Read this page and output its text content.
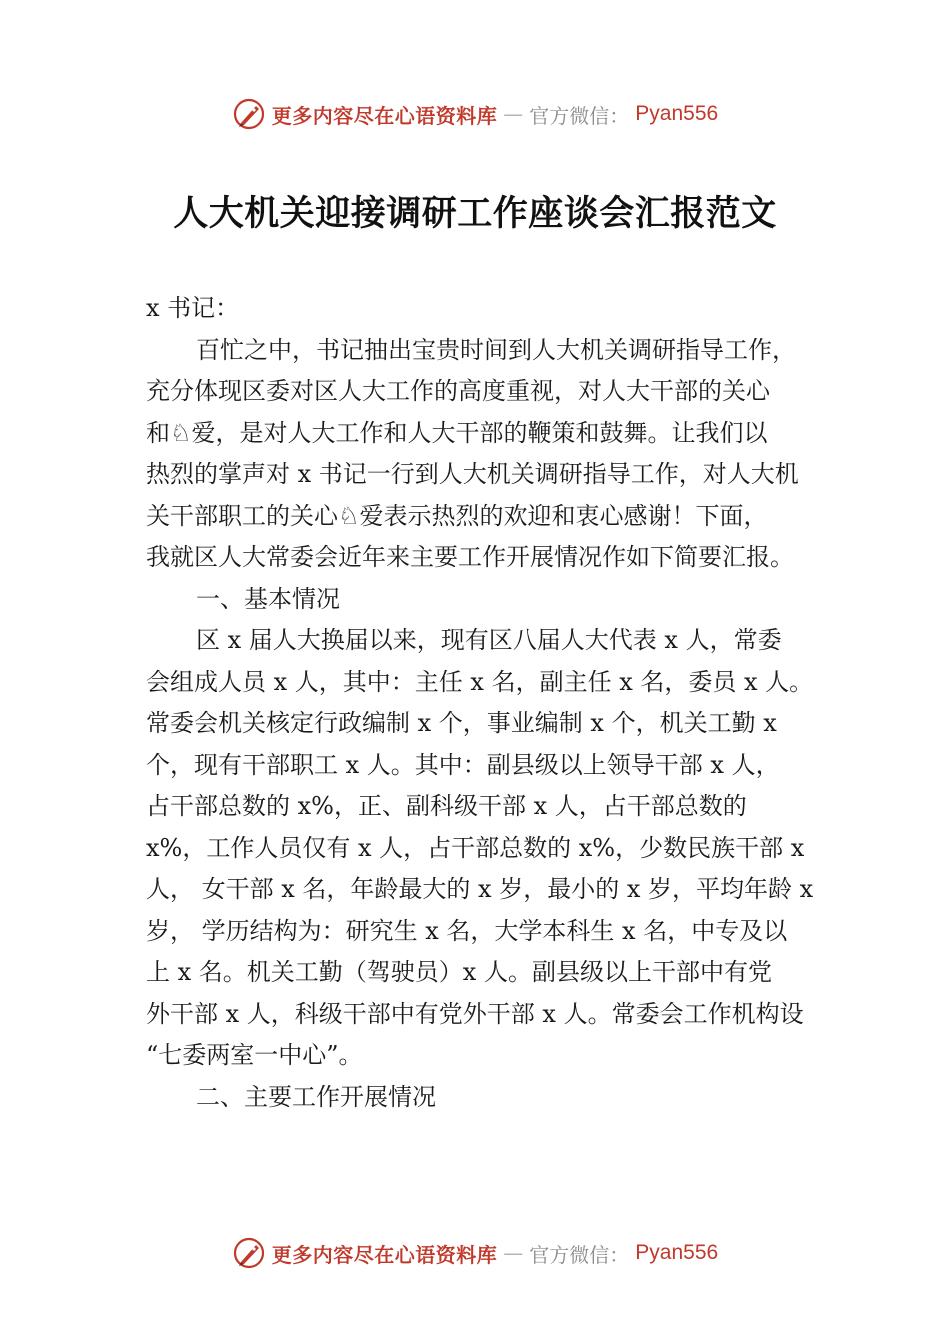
更多内容尽在心语资料库 — 官方微信： Pyan556
人大机关迎接调研工作座谈会汇报范文
x 书记：
百忙之中，书记抽出宝贵时间到人大机关调研指导工作，
充分体现区委对区人大工作的高度重视，对人大干部的关心
和♘爱，是对人大工作和人大干部的鞭策和鼓舞。让我们以
热烈的掌声对 x 书记一行到人大机关调研指导工作，对人大机
关干部职工的关心♘爱表示热烈的欢迎和衷心感谢！下面，
我就区人大常委会近年来主要工作开展情况作如下简要汇报。
一、基本情况
区 x 届人大换届以来，现有区八届人大代表 x 人，常委
会组成人员 x 人，其中：主任 x 名，副主任 x 名，委员 x 人。
常委会机关核定行政编制 x 个，事业编制 x 个，机关工勤 x
个，现有干部职工 x 人。其中：副县级以上领导干部 x 人，
占干部总数的 x%，正、副科级干部 x 人，占干部总数的
x%，工作人员仅有 x 人，占干部总数的 x%，少数民族干部 x
人， 女干部 x 名，年龄最大的 x 岁，最小的 x 岁，平均年龄 x
岁， 学历结构为：研究生 x 名，大学本科生 x 名，中专及以
上 x 名。机关工勤（驾驶员）x 人。副县级以上干部中有党
外干部 x 人，科级干部中有党外干部 x 人。常委会工作机构设
“七委两室一中心”。
二、主要工作开展情况
更多内容尽在心语资料库 — 官方微信： Pyan556
